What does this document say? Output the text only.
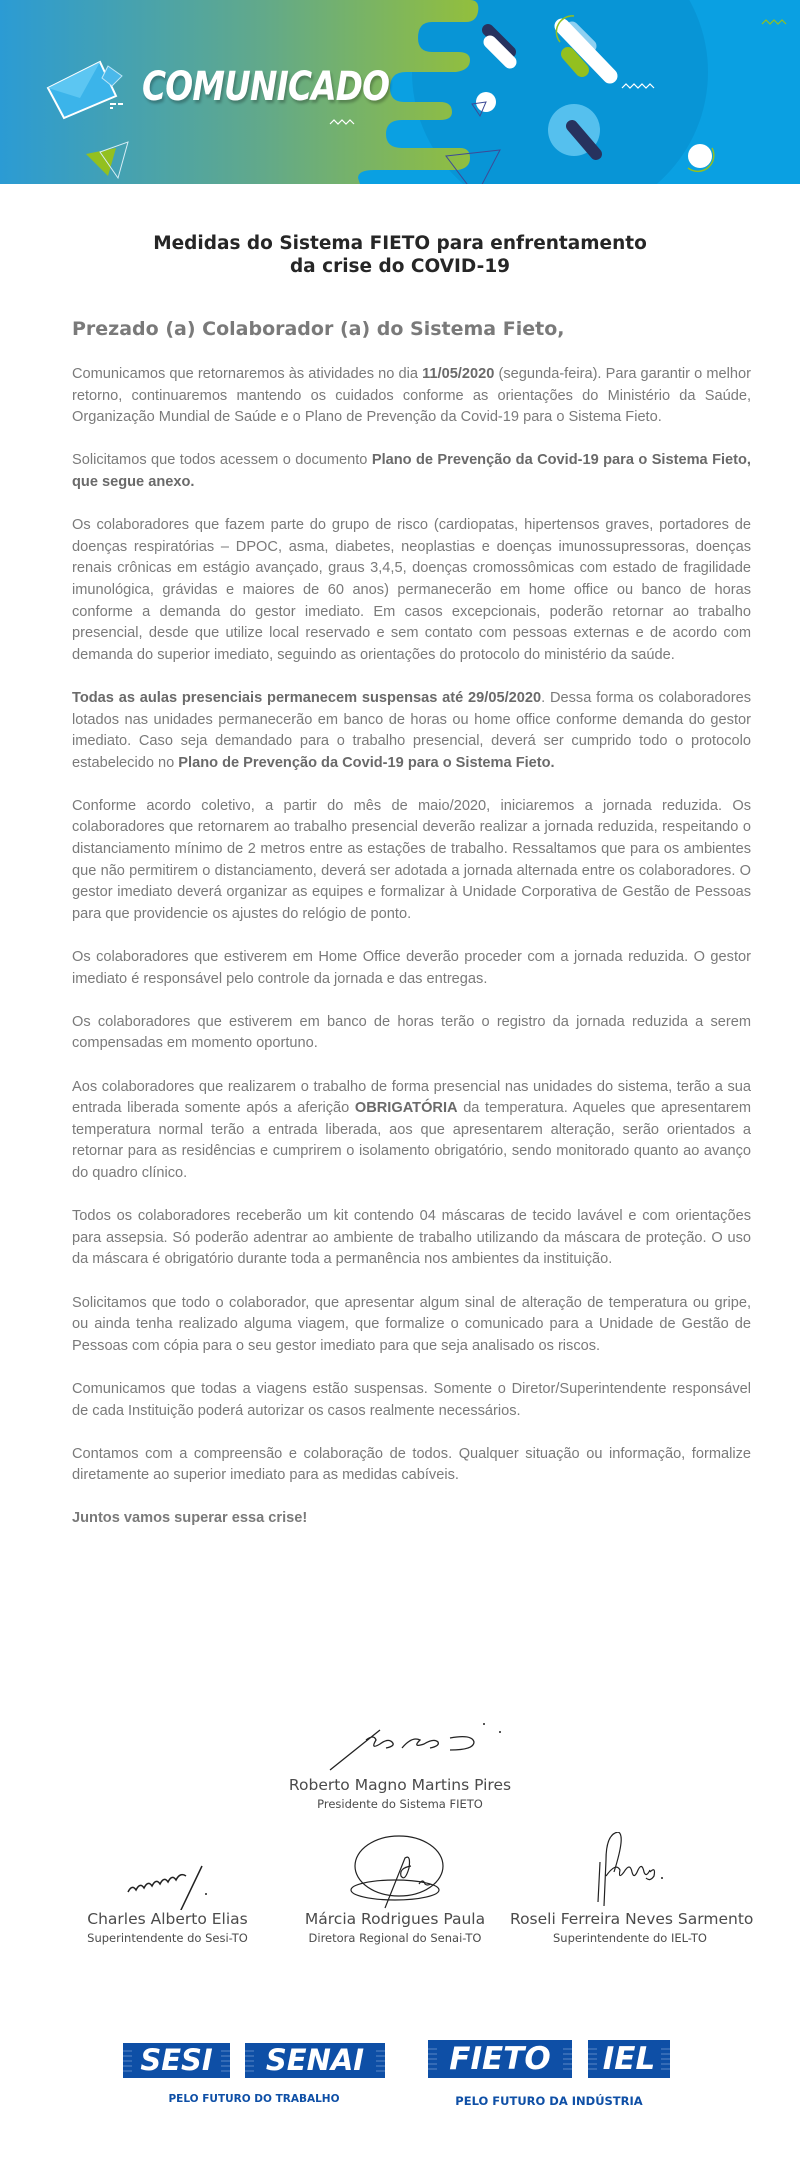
COMUNICADO
Medidas do Sistema FIETO para enfrentamento
da crise do COVID-19
Prezado (a) Colaborador (a) do Sistema Fieto,

Comunicamos que retornaremos às atividades no dia 11/05/2020 (segunda-feira). Para garantir o melhor retorno, continuaremos mantendo os cuidados conforme as orientações do Ministério da Saúde, Organização Mundial de Saúde e o Plano de Prevenção da Covid-19 para o Sistema Fieto.

Solicitamos que todos acessem o documento Plano de Prevenção da Covid-19 para o Sistema Fieto, que segue anexo.

Os colaboradores que fazem parte do grupo de risco (cardiopatas, hipertensos graves, portadores de doenças respiratórias – DPOC, asma, diabetes, neoplastias e doenças imunossupressoras, doenças renais crônicas em estágio avançado, graus 3,4,5, doenças cromossômicas com estado de fragilidade imunológica, grávidas e maiores de 60 anos) permanecerão em home office ou banco de horas conforme a demanda do gestor imediato. Em casos excepcionais, poderão retornar ao trabalho presencial, desde que utilize local reservado e sem contato com pessoas externas e de acordo com demanda do superior imediato, seguindo as orientações do protocolo do ministério da saúde.

Todas as aulas presenciais permanecem suspensas até 29/05/2020. Dessa forma os colaboradores lotados nas unidades permanecerão em banco de horas ou home office conforme demanda do gestor imediato. Caso seja demandado para o trabalho presencial, deverá ser cumprido todo o protocolo estabelecido no Plano de Prevenção da Covid-19 para o Sistema Fieto.

Conforme acordo coletivo, a partir do mês de maio/2020, iniciaremos a jornada reduzida. Os colaboradores que retornarem ao trabalho presencial deverão realizar a jornada reduzida, respeitando o distanciamento mínimo de 2 metros entre as estações de trabalho. Ressaltamos que para os ambientes que não permitirem o distanciamento, deverá ser adotada a jornada alternada entre os colaboradores. O gestor imediato deverá organizar as equipes e formalizar à Unidade Corporativa de Gestão de Pessoas para que providencie os ajustes do relógio de ponto.

Os colaboradores que estiverem em Home Office deverão proceder com a jornada reduzida. O gestor imediato é responsável pelo controle da jornada e das entregas.

Os colaboradores que estiverem em banco de horas terão o registro da jornada reduzida a serem compensadas em momento oportuno.

Aos colaboradores que realizarem o trabalho de forma presencial nas unidades do sistema, terão a sua entrada liberada somente após a aferição OBRIGATÓRIA da temperatura. Aqueles que apresentarem temperatura normal terão a entrada liberada, aos que apresentarem alteração, serão orientados a retornar para as residências e cumprirem o isolamento obrigatório, sendo monitorado quanto ao avanço do quadro clínico.

Todos os colaboradores receberão um kit contendo 04 máscaras de tecido lavável e com orientações para assepsia. Só poderão adentrar ao ambiente de trabalho utilizando da máscara de proteção. O uso da máscara é obrigatório durante toda a permanência nos ambientes da instituição.

Solicitamos que todo o colaborador, que apresentar algum sinal de alteração de temperatura ou gripe, ou ainda tenha realizado alguma viagem, que formalize o comunicado para a Unidade de Gestão de Pessoas com cópia para o seu gestor imediato para que seja analisado os riscos.

Comunicamos que todas a viagens estão suspensas. Somente o Diretor/Superintendente responsável de cada Instituição poderá autorizar os casos realmente necessários.

Contamos com a compreensão e colaboração de todos. Qualquer situação ou informação, formalize diretamente ao superior imediato para as medidas cabíveis.

Juntos vamos superar essa crise!
Roberto Magno Martins Pires
Presidente do Sistema FIETO
Charles Alberto Elias
Superintendente do Sesi-TO
Márcia Rodrigues Paula
Diretora Regional do Senai-TO
Roseli Ferreira Neves Sarmento
Superintendente do IEL-TO
SESI	SENAI
PELO FUTURO DO TRABALHO
FIETO	IEL
PELO FUTURO DA INDÚSTRIA
